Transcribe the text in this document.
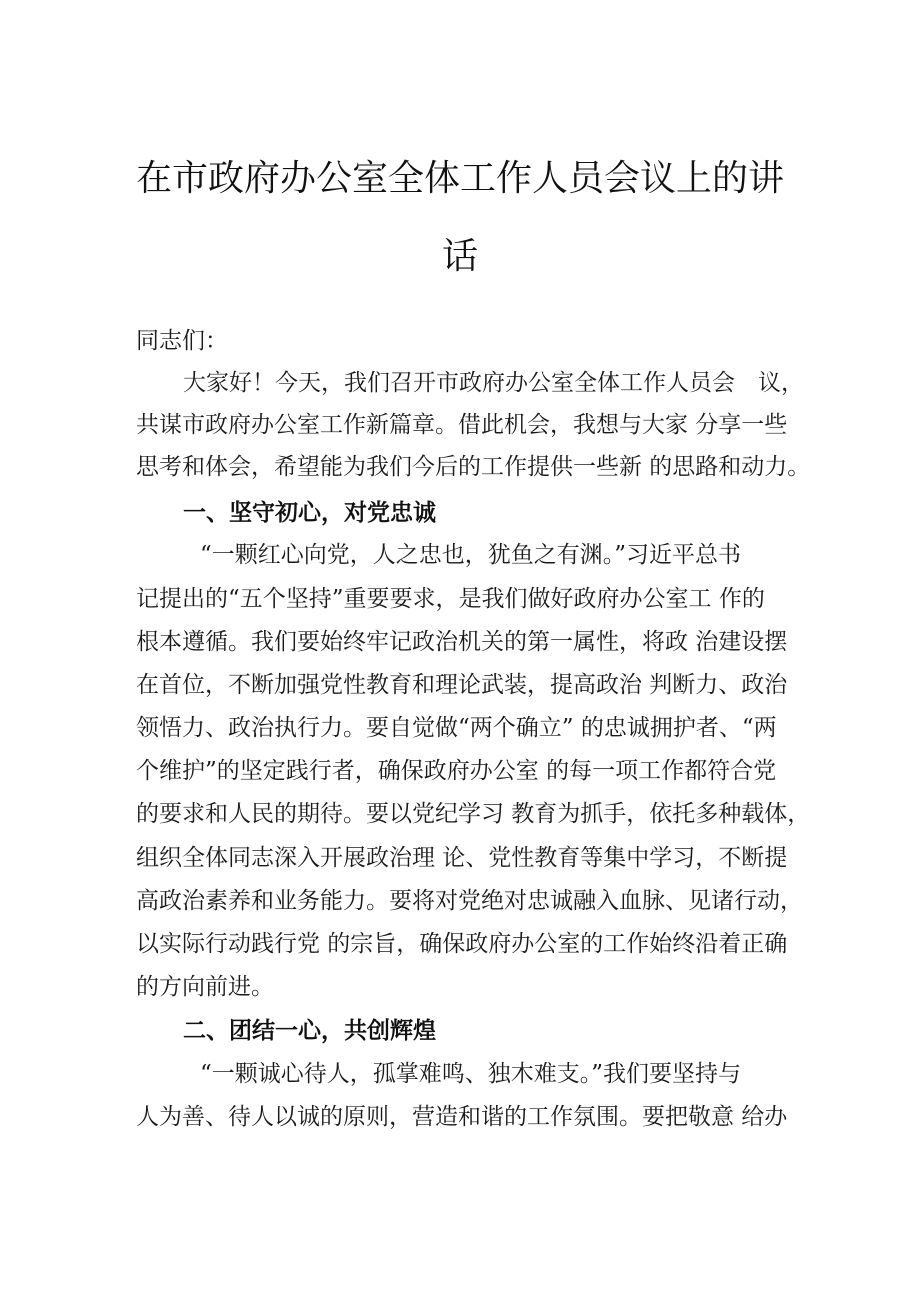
在市政府办公室全体工作人员会议上的讲
话

同志们：

大家好！今天，我们召开市政府办公室全体工作人员会　议，

共谋市政府办公室工作新篇章。借此机会，我想与大家 分享一些

思考和体会，希望能为我们今后的工作提供一些新 的思路和动力。

一、坚守初心，对党忠诚

“一颗红心向党，人之忠也，犹鱼之有渊。”习近平总书

记提出的“五个坚持”重要要求，是我们做好政府办公室工 作的

根本遵循。我们要始终牢记政治机关的第一属性，将政 治建设摆

在首位，不断加强党性教育和理论武装，提高政治 判断力、政治

领悟力、政治执行力。要自觉做“两个确立” 的忠诚拥护者、“两

个维护”的坚定践行者，确保政府办公室 的每一项工作都符合党

的要求和人民的期待。要以党纪学习 教育为抓手，依托多种载体，

组织全体同志深入开展政治理 论、党性教育等集中学习，不断提

高政治素养和业务能力。要将对党绝对忠诚融入血脉、见诸行动，

以实际行动践行党 的宗旨，确保政府办公室的工作始终沿着正确

的方向前进。

二、团结一心，共创辉煌

“一颗诚心待人，孤掌难鸣、独木难支。”我们要坚持与

人为善、待人以诚的原则，营造和谐的工作氛围。要把敬意 给办
